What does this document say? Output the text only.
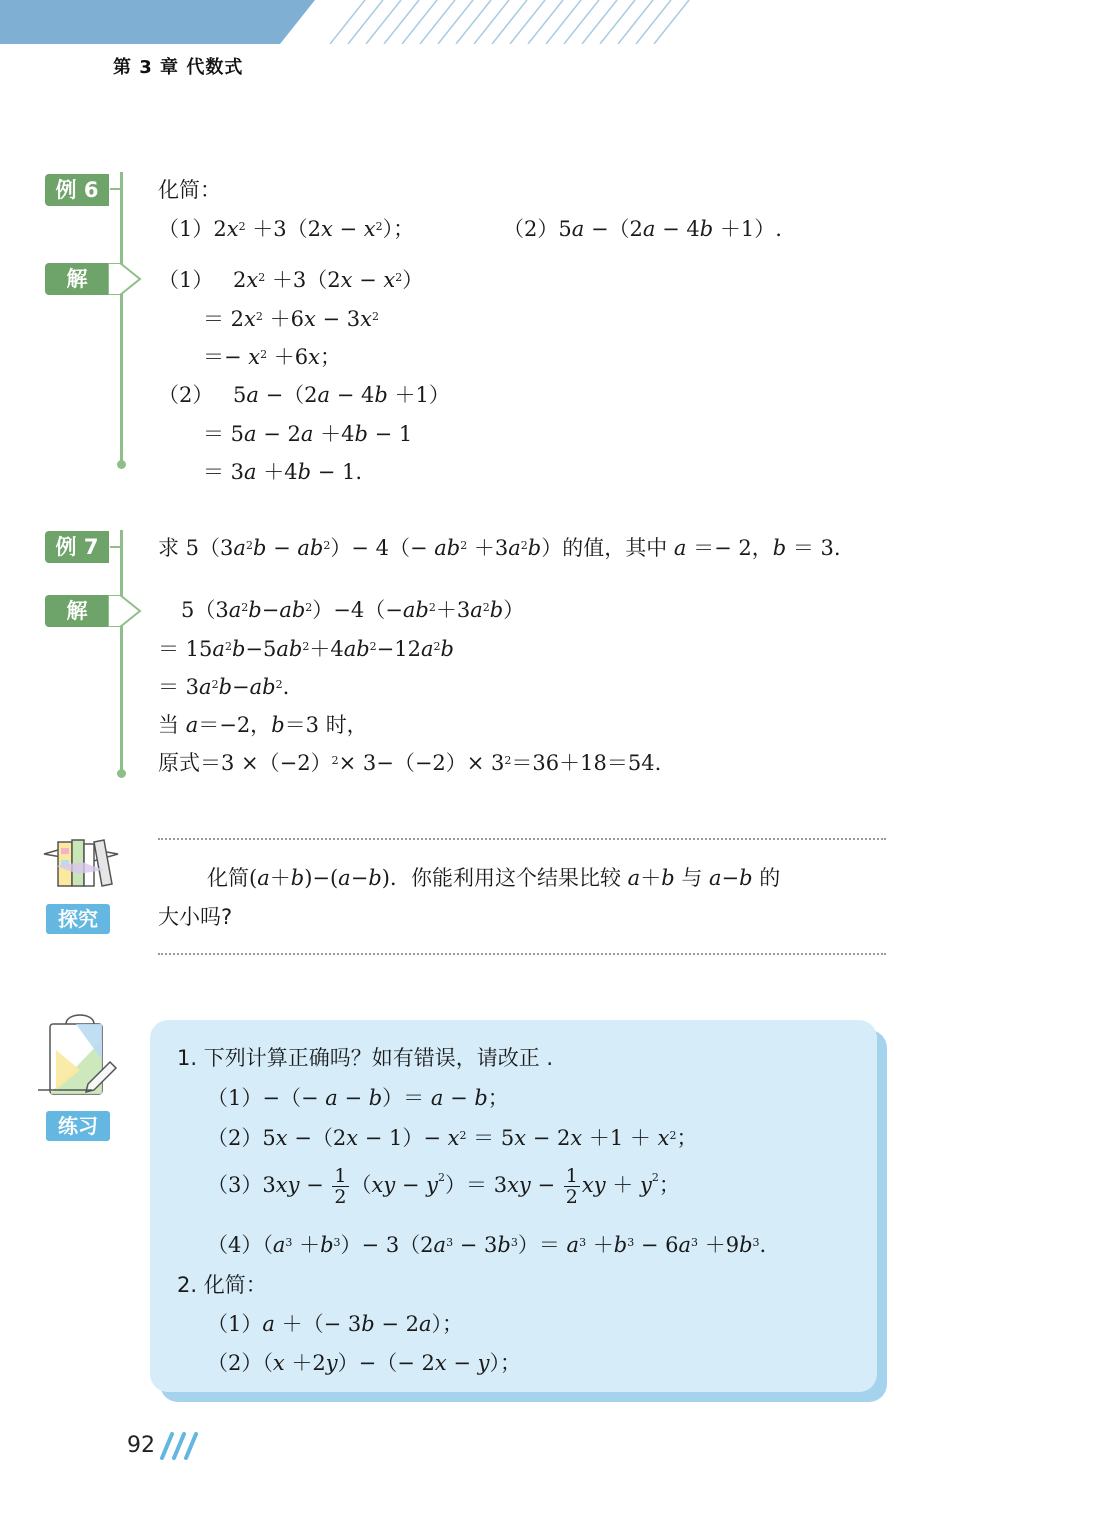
第 3 章 代数式
例 6	化简：
$(1)2x^2 +3(2x - x^2)$；	（2）5a −（2a − 4b ＋1）.
解	（1） $2x^2 +3(2x - x^2)$
＝ $2x^2 +6x - 3x^2$
＝− $x^2 +6x$；
（2） 5a −（2a − 4b ＋1）
＝ 5a − 2a ＋4b − 1
＝ 3a ＋4b − 1.
例 7	求 $5(3a^2b - ab^2)- 4(- ab^2 +3a^2b)$的值，其中 a ＝− 2，b ＝ 3.
解	$5(3a^2b-ab^2)-4(-ab^2+3a^2b)$
＝ $15a^2b-5ab^2+4ab^2-12a^2b$
＝ $3a^2b-ab^2$.
当 a＝−2，b＝3 时，
原式$=3 \times(-2)^2\times 3-(-2)\times 3^2=36+18=54$.
探究
化简(a＋b)−(a−b)．你能利用这个结果比较 a＋b 与 a−b 的
大小吗?
练习
1. 下列计算正确吗？如有错误，请改正 .
（1）−（− a − b）＝ a − b；
$(2)5x -(2x - 1)- x^2 = 5x - 2x +1 + x^2$；
$(3)3xy - \frac{1}{2} (xy - y^2)= 3xy - \frac{1}{2}$ xy ＋ $y^2$；
$(4)(a^3 +b^3)- 3(2a^3 - 3b^3)= a^3 +b^3 - 6a^3 +9b^3$.
2. 化简：
（1）a ＋（− 3b − 2a）；
（2）（x ＋2y）−（− 2x − y）；
92
